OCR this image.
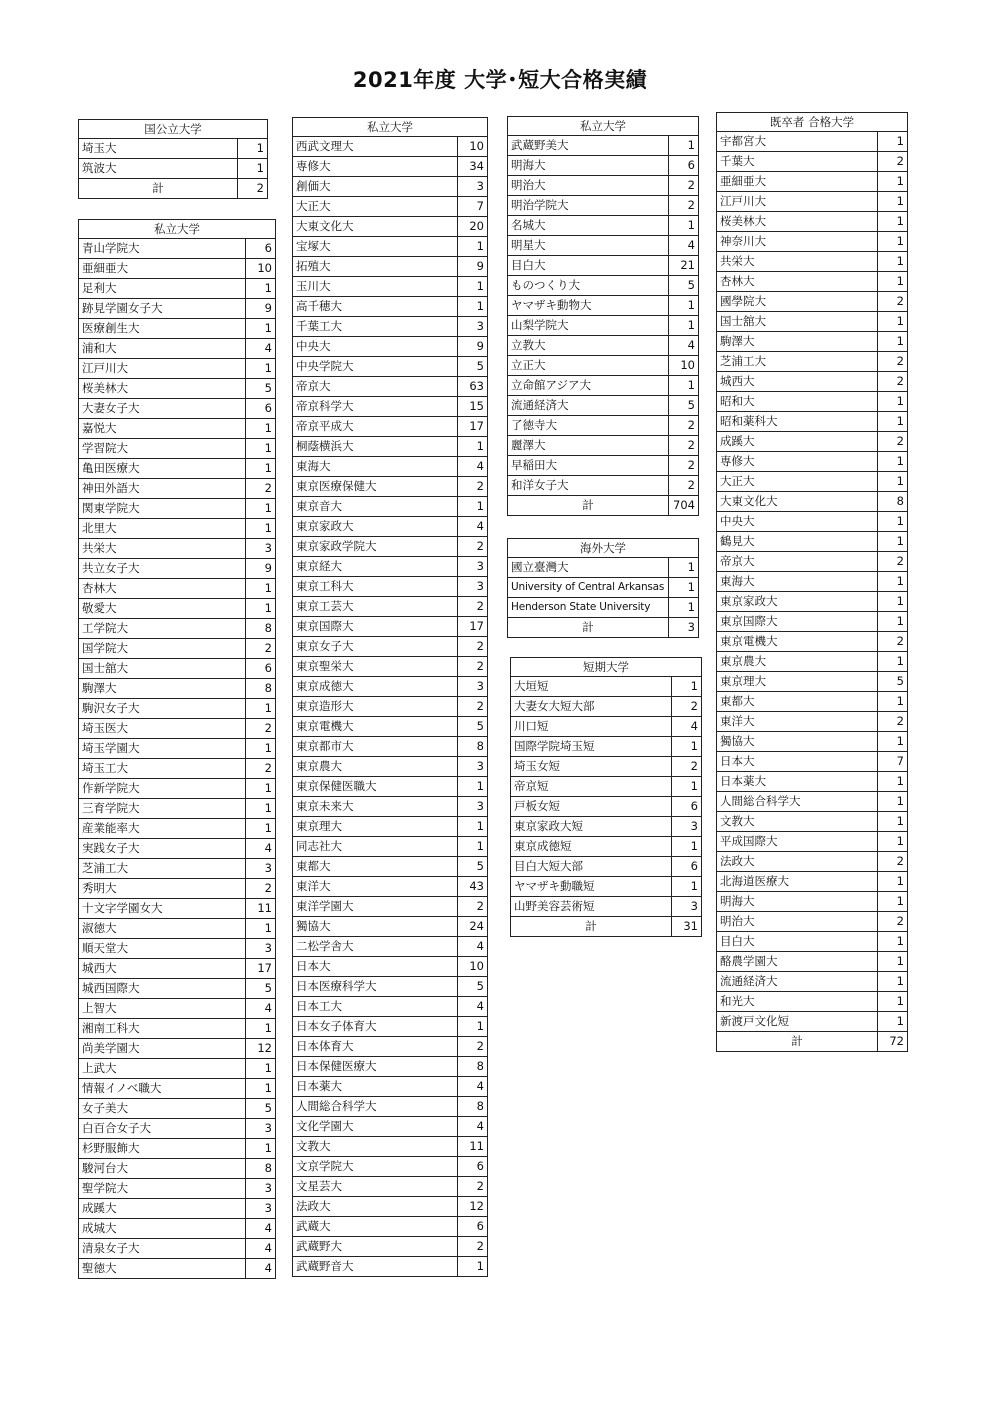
2021年度 大学･短大合格実績
国公立大学	
埼玉大	1
筑波大	1
計	2
私立大学	
青山学院大	6
亜細亜大	10
足利大	1
跡見学園女子大	9
医療創生大	1
浦和大	4
江戸川大	1
桜美林大	5
大妻女子大	6
嘉悦大	1
学習院大	1
亀田医療大	1
神田外語大	2
関東学院大	1
北里大	1
共栄大	3
共立女子大	9
杏林大	1
敬愛大	1
工学院大	8
国学院大	2
国士舘大	6
駒澤大	8
駒沢女子大	1
埼玉医大	2
埼玉学園大	1
埼玉工大	2
作新学院大	1
三育学院大	1
産業能率大	1
実践女子大	4
芝浦工大	3
秀明大	2
十文字学園女大	11
淑徳大	1
順天堂大	3
城西大	17
城西国際大	5
上智大	4
湘南工科大	1
尚美学園大	12
上武大	1
情報イノベ職大	1
女子美大	5
白百合女子大	3
杉野服飾大	1
駿河台大	8
聖学院大	3
成蹊大	3
成城大	4
清泉女子大	4
聖徳大	4
私立大学	
西武文理大	10
専修大	34
創価大	3
大正大	7
大東文化大	20
宝塚大	1
拓殖大	9
玉川大	1
高千穂大	1
千葉工大	3
中央大	9
中央学院大	5
帝京大	63
帝京科学大	15
帝京平成大	17
桐蔭横浜大	1
東海大	4
東京医療保健大	2
東京音大	1
東京家政大	4
東京家政学院大	2
東京経大	3
東京工科大	3
東京工芸大	2
東京国際大	17
東京女子大	2
東京聖栄大	2
東京成徳大	3
東京造形大	2
東京電機大	5
東京都市大	8
東京農大	3
東京保健医職大	1
東京未来大	3
東京理大	1
同志社大	1
東都大	5
東洋大	43
東洋学園大	2
獨協大	24
二松学舎大	4
日本大	10
日本医療科学大	5
日本工大	4
日本女子体育大	1
日本体育大	2
日本保健医療大	8
日本薬大	4
人間総合科学大	8
文化学園大	4
文教大	11
文京学院大	6
文星芸大	2
法政大	12
武蔵大	6
武蔵野大	2
武蔵野音大	1
私立大学	
武蔵野美大	1
明海大	6
明治大	2
明治学院大	2
名城大	1
明星大	4
目白大	21
ものつくり大	5
ヤマザキ動物大	1
山梨学院大	1
立教大	4
立正大	10
立命館アジア大	1
流通経済大	5
了徳寺大	2
麗澤大	2
早稲田大	2
和洋女子大	2
計	704
海外大学	
國立臺灣大	1
University of Central Arkansas	1
Henderson State University	1
計	3
短期大学	
大垣短	1
大妻女大短大部	2
川口短	4
国際学院埼玉短	1
埼玉女短	2
帝京短	1
戸板女短	6
東京家政大短	3
東京成徳短	1
目白大短大部	6
ヤマザキ動職短	1
山野美容芸術短	3
計	31
既卒者 合格大学	
宇都宮大	1
千葉大	2
亜細亜大	1
江戸川大	1
桜美林大	1
神奈川大	1
共栄大	1
杏林大	1
國學院大	2
国士舘大	1
駒澤大	1
芝浦工大	2
城西大	2
昭和大	1
昭和薬科大	1
成蹊大	2
専修大	1
大正大	1
大東文化大	8
中央大	1
鶴見大	1
帝京大	2
東海大	1
東京家政大	1
東京国際大	1
東京電機大	2
東京農大	1
東京理大	5
東都大	1
東洋大	2
獨協大	1
日本大	7
日本薬大	1
人間総合科学大	1
文教大	1
平成国際大	1
法政大	2
北海道医療大	1
明海大	1
明治大	2
目白大	1
酪農学園大	1
流通経済大	1
和光大	1
新渡戸文化短	1
計	72
